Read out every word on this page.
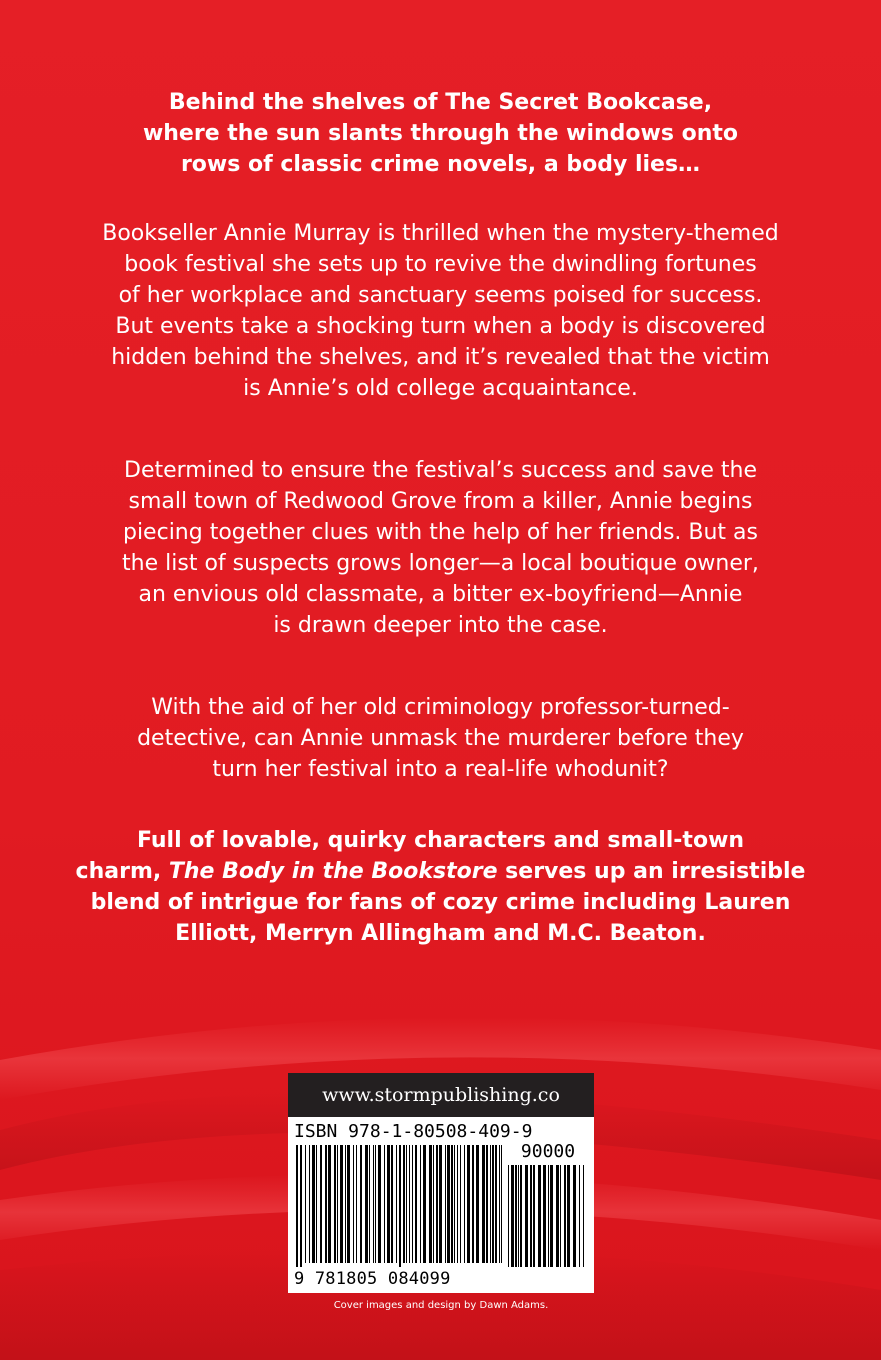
Behind the shelves of The Secret Bookcase,
where the sun slants through the windows onto
rows of classic crime novels, a body lies…
Bookseller Annie Murray is thrilled when the mystery-themed
book festival she sets up to revive the dwindling fortunes
of her workplace and sanctuary seems poised for success.
But events take a shocking turn when a body is discovered
hidden behind the shelves, and it’s revealed that the victim
is Annie’s old college acquaintance.
Determined to ensure the festival’s success and save the
small town of Redwood Grove from a killer, Annie begins
piecing together clues with the help of her friends. But as
the list of suspects grows longer—a local boutique owner,
an envious old classmate, a bitter ex-boyfriend—Annie
is drawn deeper into the case.
With the aid of her old criminology professor-turned-
detective, can Annie unmask the murderer before they
turn her festival into a real-life whodunit?
Full of lovable, quirky characters and small-town
charm, The Body in the Bookstore serves up an irresistible
blend of intrigue for fans of cozy crime including Lauren
Elliott, Merryn Allingham and M.C. Beaton.
www.stormpublishing.co
ISBN 978-1-80508-409-9
90000
9 781805 084099
Cover images and design by Dawn Adams.
